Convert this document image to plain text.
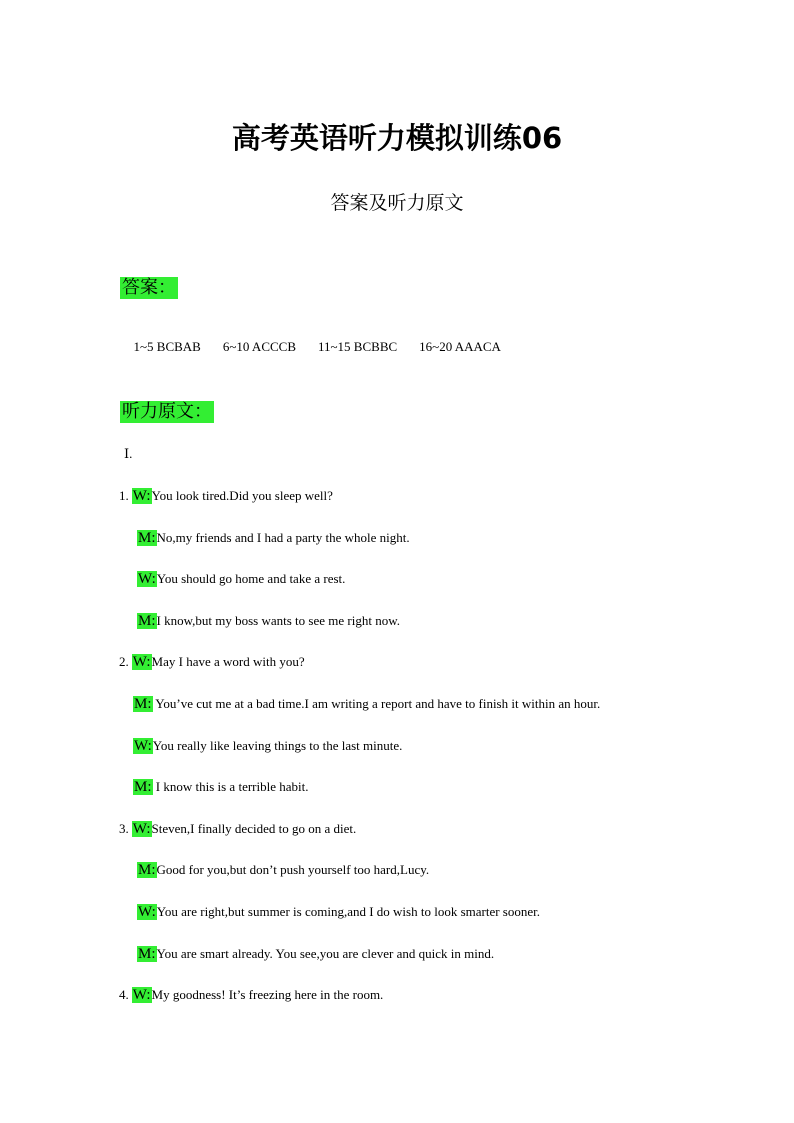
高考英语听力模拟训练06
答案及听力原文
答案：

1~5 BCBAB 6~10 ACCCB 11~15 BCBBC 16~20 AAACA

听力原文：
Ⅰ.
1. W:You look tired.Did you sleep well?
M:No,my friends and I had a party the whole night.
W:You should go home and take a rest.
M:I know,but my boss wants to see me right now.
2. W:May I have a word with you?
M: You’ve cut me at a bad time.I am writing a report and have to finish it within an hour.
W:You really like leaving things to the last minute.
M: I know this is a terrible habit.
3. W:Steven,I finally decided to go on a diet.
M:Good for you,but don’t push yourself too hard,Lucy.
W:You are right,but summer is coming,and I do wish to look smarter sooner.
M:You are smart already. You see,you are clever and quick in mind.
4. W:My goodness! It’s freezing here in the room.
